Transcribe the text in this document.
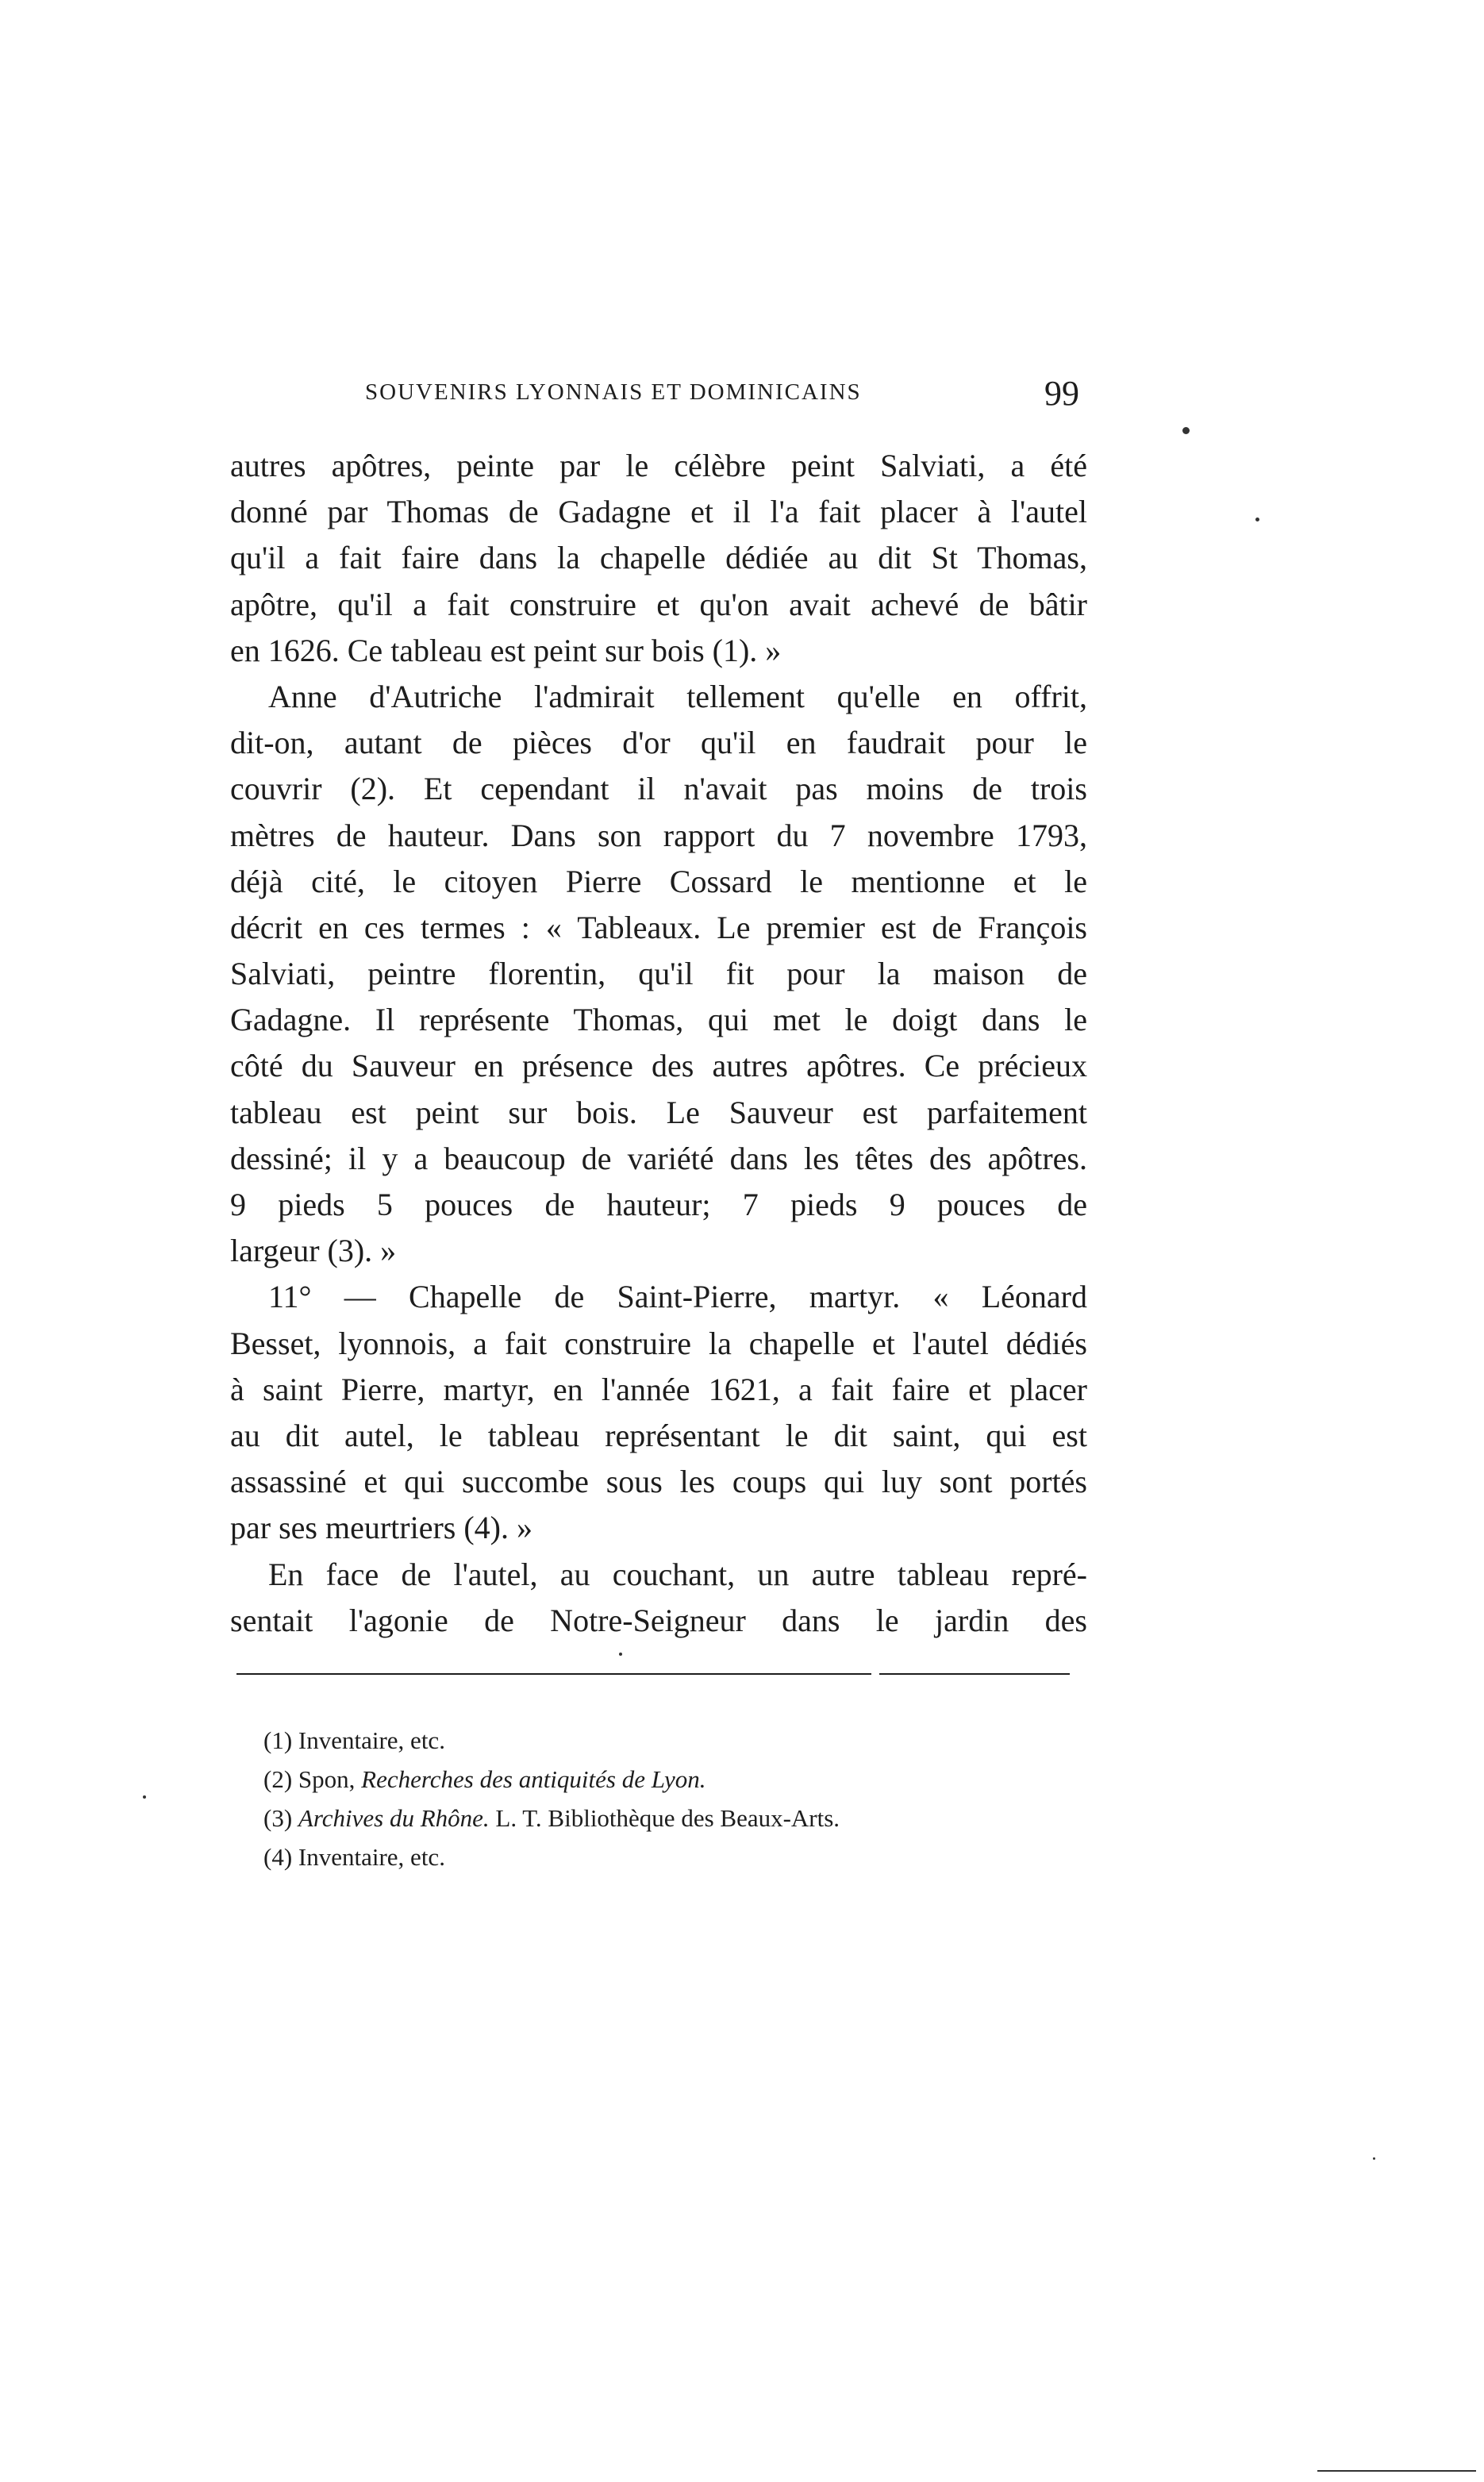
SOUVENIRS LYONNAIS ET DOMINICAINS	99
autres apôtres, peinte par le célèbre peint Salviati, a été
donné par Thomas de Gadagne et il l'a fait placer à l'autel
qu'il a fait faire dans la chapelle dédiée au dit St Thomas,
apôtre, qu'il a fait construire et qu'on avait achevé de bâtir
en 1626. Ce tableau est peint sur bois (1). »
Anne d'Autriche l'admirait tellement qu'elle en offrit,
dit-on, autant de pièces d'or qu'il en faudrait pour le
couvrir (2). Et cependant il n'avait pas moins de trois
mètres de hauteur. Dans son rapport du 7 novembre 1793,
déjà cité, le citoyen Pierre Cossard le mentionne et le
décrit en ces termes : « Tableaux. Le premier est de François
Salviati, peintre florentin, qu'il fit pour la maison de
Gadagne. Il représente Thomas, qui met le doigt dans le
côté du Sauveur en présence des autres apôtres. Ce précieux
tableau est peint sur bois. Le Sauveur est parfaitement
dessiné; il y a beaucoup de variété dans les têtes des apôtres.
9 pieds 5 pouces de hauteur; 7 pieds 9 pouces de
largeur (3). »
11° — Chapelle de Saint-Pierre, martyr. « Léonard
Besset, lyonnois, a fait construire la chapelle et l'autel dédiés
à saint Pierre, martyr, en l'année 1621, a fait faire et placer
au dit autel, le tableau représentant le dit saint, qui est
assassiné et qui succombe sous les coups qui luy sont portés
par ses meurtriers (4). »
En face de l'autel, au couchant, un autre tableau repré-
sentait l'agonie de Notre-Seigneur dans le jardin des
(1) Inventaire, etc.
(2) Spon, Recherches des antiquités de Lyon.
(3) Archives du Rhône. L. T. Bibliothèque des Beaux-Arts.
(4) Inventaire, etc.
